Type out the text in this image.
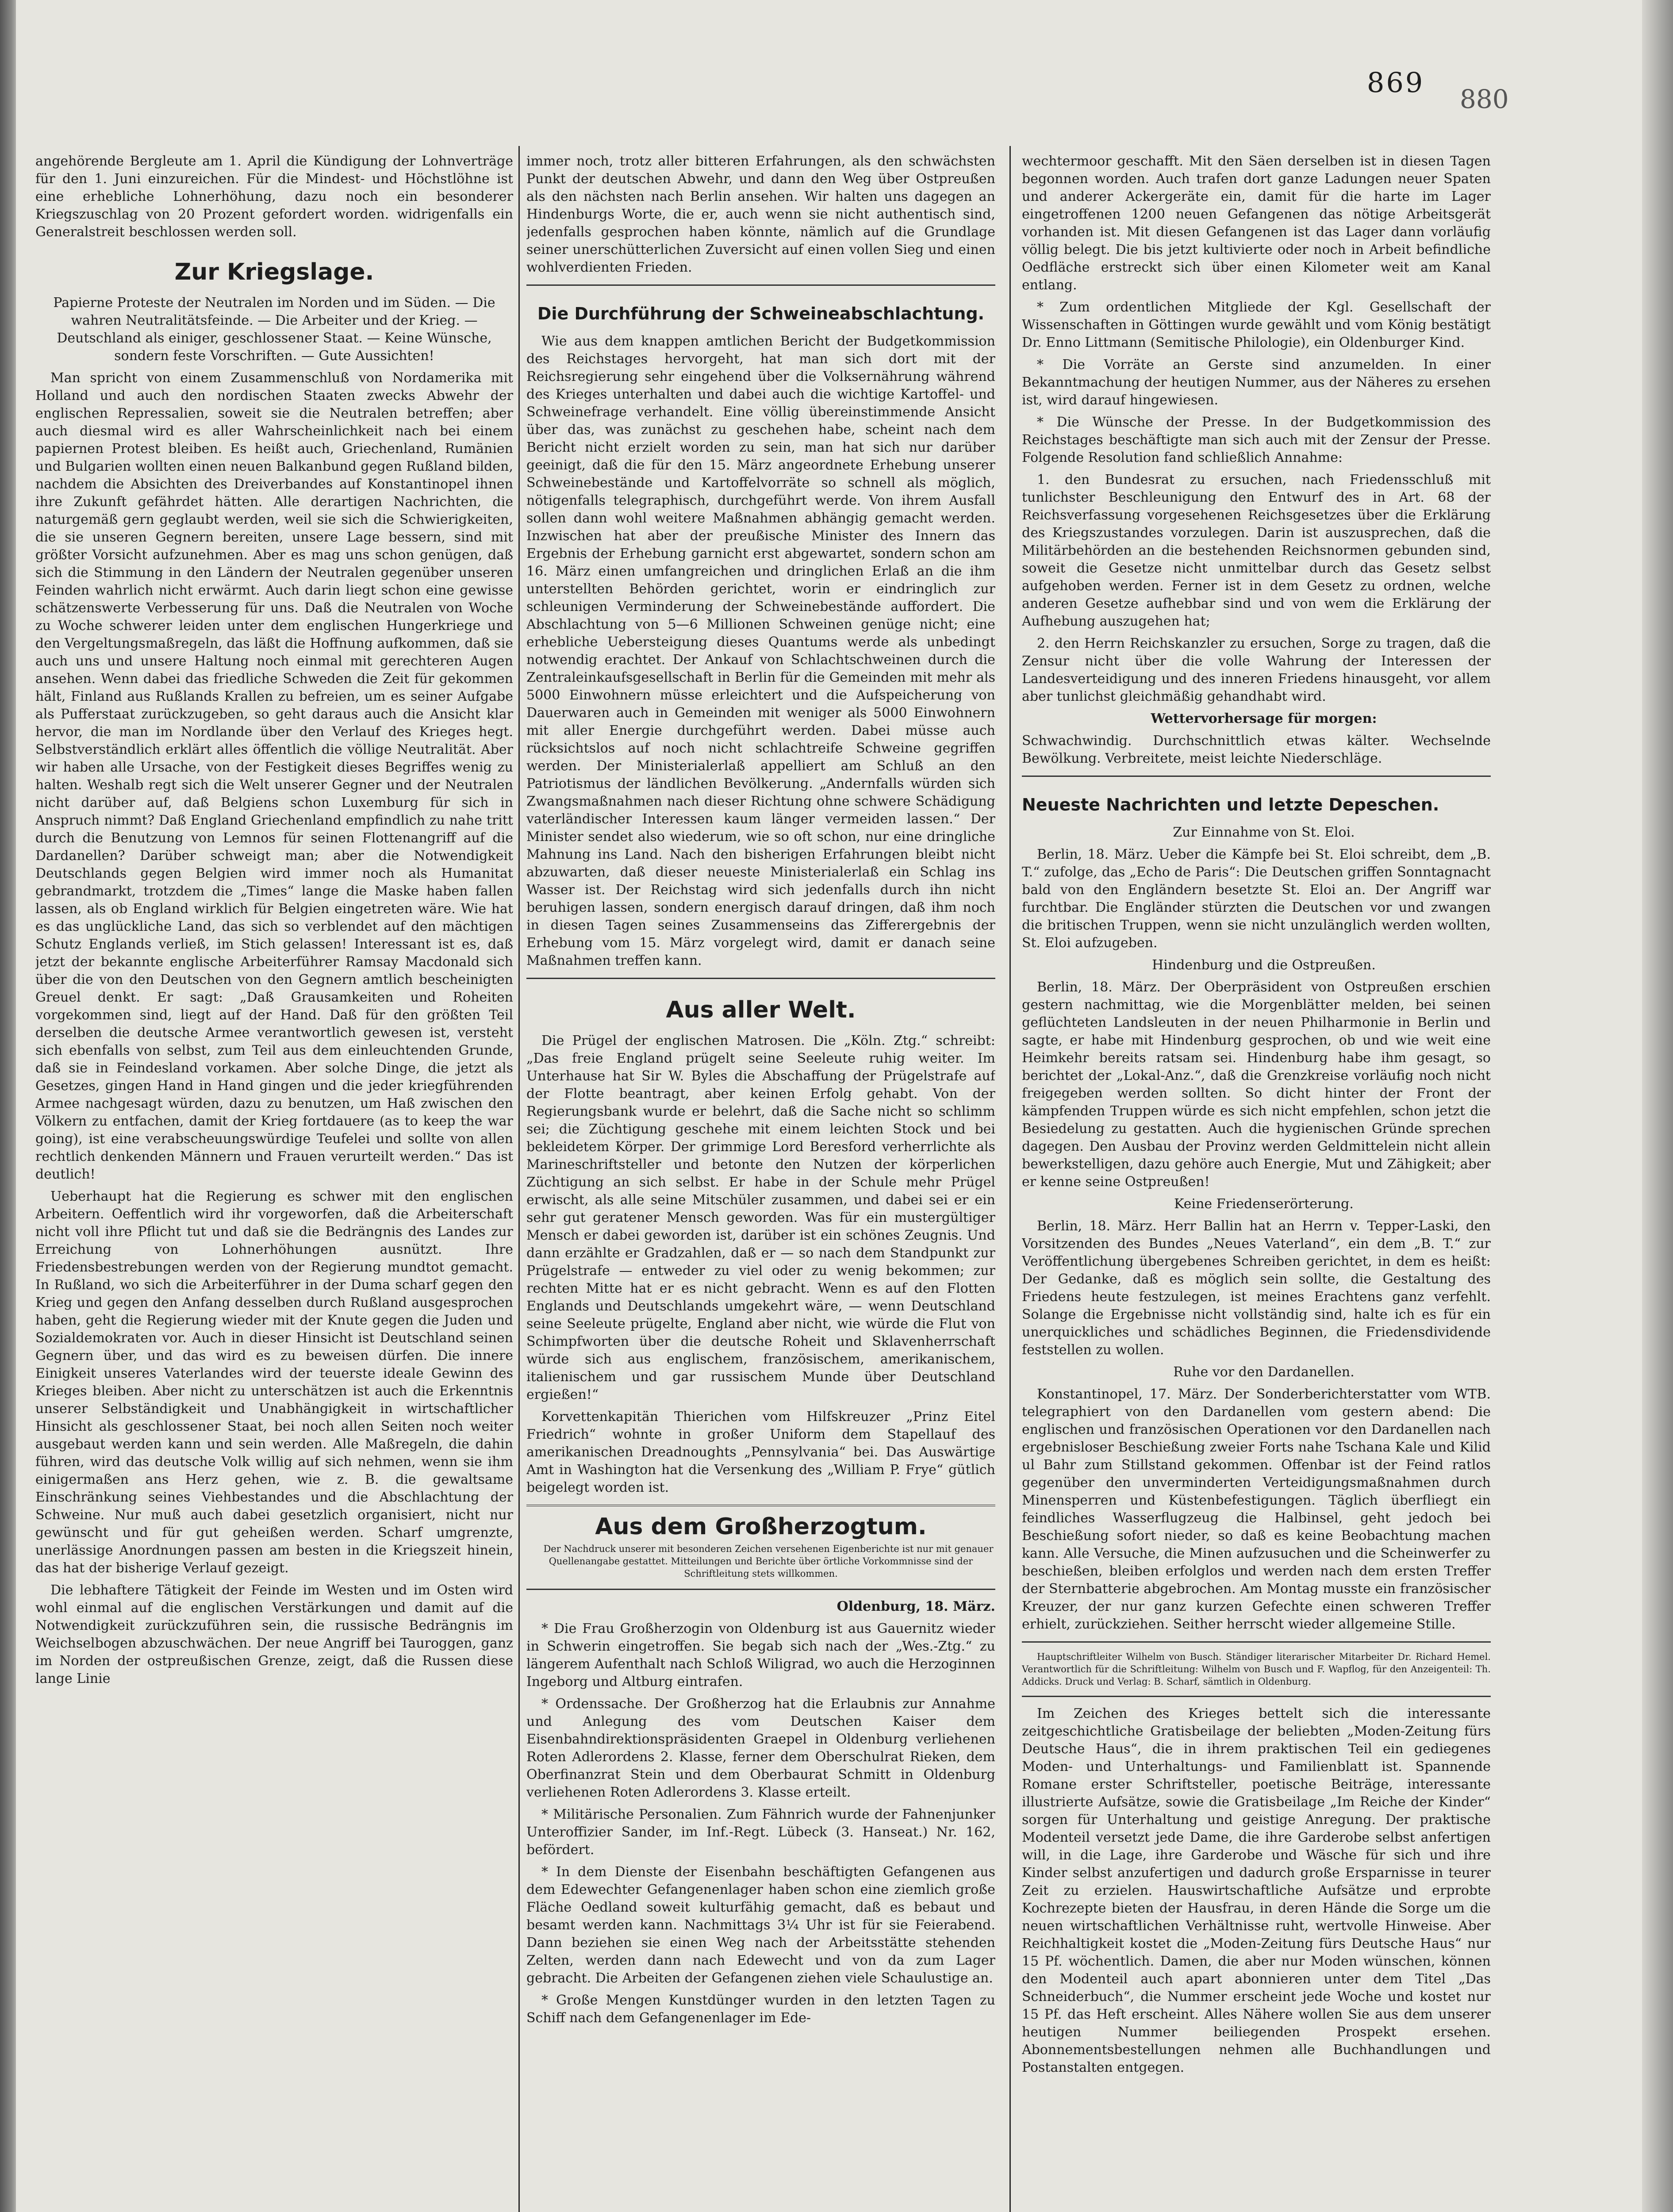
869
880

angehörende Bergleute am 1. April die Kündigung der Lohnverträge für den 1. Juni einzureichen. Für die Mindest- und Höchstlöhne ist eine erhebliche Lohnerhöhung, dazu noch ein besonderer Kriegszuschlag von 20 Prozent gefordert worden. widrigenfalls ein Generalstreit beschlossen werden soll.

Zur Kriegslage.

Papierne Proteste der Neutralen im Norden und im Süden. — Die wahren Neutralitätsfeinde. — Die Arbeiter und der Krieg. — Deutschland als einiger, geschlossener Staat. — Keine Wünsche, sondern feste Vorschriften. — Gute Aussichten!

Man spricht von einem Zusammenschluß von Nordamerika mit Holland und auch den nordischen Staaten zwecks Abwehr der englischen Repressalien, soweit sie die Neutralen betreffen; aber auch diesmal wird es aller Wahrscheinlichkeit nach bei einem papiernen Protest bleiben. Es heißt auch, Griechenland, Rumänien und Bulgarien wollten einen neuen Balkanbund gegen Rußland bilden, nachdem die Absichten des Dreiverbandes auf Konstantinopel ihnen ihre Zukunft gefährdet hätten. Alle derartigen Nachrichten, die naturgemäß gern geglaubt werden, weil sie sich die Schwierigkeiten, die sie unseren Gegnern bereiten, unsere Lage bessern, sind mit größter Vorsicht aufzunehmen. Aber es mag uns schon genügen, daß sich die Stimmung in den Ländern der Neutralen gegenüber unseren Feinden wahrlich nicht erwärmt. Auch darin liegt schon eine gewisse schätzenswerte Verbesserung für uns. Daß die Neutralen von Woche zu Woche schwerer leiden unter dem englischen Hungerkriege und den Vergeltungsmaßregeln, das läßt die Hoffnung aufkommen, daß sie auch uns und unsere Haltung noch einmal mit gerechteren Augen ansehen. Wenn dabei das friedliche Schweden die Zeit für gekommen hält, Finland aus Rußlands Krallen zu befreien, um es seiner Aufgabe als Pufferstaat zurückzugeben, so geht daraus auch die Ansicht klar hervor, die man im Nordlande über den Verlauf des Krieges hegt. Selbstverständlich erklärt alles öffentlich die völlige Neutralität. Aber wir haben alle Ursache, von der Festigkeit dieses Begriffes wenig zu halten. Weshalb regt sich die Welt unserer Gegner und der Neutralen nicht darüber auf, daß Belgiens schon Luxemburg für sich in Anspruch nimmt? Daß England Griechenland empfindlich zu nahe tritt durch die Benutzung von Lemnos für seinen Flottenangriff auf die Dardanellen? Darüber schweigt man; aber die Notwendigkeit Deutschlands gegen Belgien wird immer noch als Humanitat gebrandmarkt, trotzdem die „Times“ lange die Maske haben fallen lassen, als ob England wirklich für Belgien eingetreten wäre. Wie hat es das unglückliche Land, das sich so verblendet auf den mächtigen Schutz Englands verließ, im Stich gelassen! Interessant ist es, daß jetzt der bekannte englische Arbeiterführer Ramsay Macdonald sich über die von den Deutschen von den Gegnern amtlich bescheinigten Greuel denkt. Er sagt: „Daß Grausamkeiten und Roheiten vorgekommen sind, liegt auf der Hand. Daß für den größten Teil derselben die deutsche Armee verantwortlich gewesen ist, versteht sich ebenfalls von selbst, zum Teil aus dem einleuchtenden Grunde, daß sie in Feindesland vorkamen. Aber solche Dinge, die jetzt als Gesetzes, gingen Hand in Hand gingen und die jeder kriegführenden Armee nachgesagt würden, dazu zu benutzen, um Haß zwischen den Völkern zu entfachen, damit der Krieg fortdauere (as to keep the war going), ist eine verabscheuungswürdige Teufelei und sollte von allen rechtlich denkenden Männern und Frauen verurteilt werden.“ Das ist deutlich!

Ueberhaupt hat die Regierung es schwer mit den englischen Arbeitern. Oeffentlich wird ihr vorgeworfen, daß die Arbeiterschaft nicht voll ihre Pflicht tut und daß sie die Bedrängnis des Landes zur Erreichung von Lohnerhöhungen ausnützt. Ihre Friedensbestrebungen werden von der Regierung mundtot gemacht. In Rußland, wo sich die Arbeiterführer in der Duma scharf gegen den Krieg und gegen den Anfang desselben durch Rußland ausgesprochen haben, geht die Regierung wieder mit der Knute gegen die Juden und Sozialdemokraten vor. Auch in dieser Hinsicht ist Deutschland seinen Gegnern über, und das wird es zu beweisen dürfen. Die innere Einigkeit unseres Vaterlandes wird der teuerste ideale Gewinn des Krieges bleiben. Aber nicht zu unterschätzen ist auch die Erkenntnis unserer Selbständigkeit und Unabhängigkeit in wirtschaftlicher Hinsicht als geschlossener Staat, bei noch allen Seiten noch weiter ausgebaut werden kann und sein werden. Alle Maßregeln, die dahin führen, wird das deutsche Volk willig auf sich nehmen, wenn sie ihm einigermaßen ans Herz gehen, wie z. B. die gewaltsame Einschränkung seines Viehbestandes und die Abschlachtung der Schweine. Nur muß auch dabei gesetzlich organisiert, nicht nur gewünscht und für gut geheißen werden. Scharf umgrenzte, unerlässige Anordnungen passen am besten in die Kriegszeit hinein, das hat der bisherige Verlauf gezeigt.

Die lebhaftere Tätigkeit der Feinde im Westen und im Osten wird wohl einmal auf die englischen Verstärkungen und damit auf die Notwendigkeit zurückzuführen sein, die russische Bedrängnis im Weichselbogen abzuschwächen. Der neue Angriff bei Tauroggen, ganz im Norden der ostpreußischen Grenze, zeigt, daß die Russen diese lange Linie

immer noch, trotz aller bitteren Erfahrungen, als den schwächsten Punkt der deutschen Abwehr, und dann den Weg über Ostpreußen als den nächsten nach Berlin ansehen. Wir halten uns dagegen an Hindenburgs Worte, die er, auch wenn sie nicht authentisch sind, jedenfalls gesprochen haben könnte, nämlich auf die Grundlage seiner unerschütterlichen Zuversicht auf einen vollen Sieg und einen wohlverdienten Frieden.

Die Durchführung der Schweineabschlachtung.

Wie aus dem knappen amtlichen Bericht der Budgetkommission des Reichstages hervorgeht, hat man sich dort mit der Reichsregierung sehr eingehend über die Volksernährung während des Krieges unterhalten und dabei auch die wichtige Kartoffel- und Schweinefrage verhandelt. Eine völlig übereinstimmende Ansicht über das, was zunächst zu geschehen habe, scheint nach dem Bericht nicht erzielt worden zu sein, man hat sich nur darüber geeinigt, daß die für den 15. März angeordnete Erhebung unserer Schweinebestände und Kartoffelvorräte so schnell als möglich, nötigenfalls telegraphisch, durchgeführt werde. Von ihrem Ausfall sollen dann wohl weitere Maßnahmen abhängig gemacht werden. Inzwischen hat aber der preußische Minister des Innern das Ergebnis der Erhebung garnicht erst abgewartet, sondern schon am 16. März einen umfangreichen und dringlichen Erlaß an die ihm unterstellten Behörden gerichtet, worin er eindringlich zur schleunigen Verminderung der Schweinebestände auffordert. Die Abschlachtung von 5—6 Millionen Schweinen genüge nicht; eine erhebliche Uebersteigung dieses Quantums werde als unbedingt notwendig erachtet. Der Ankauf von Schlachtschweinen durch die Zentraleinkaufsgesellschaft in Berlin für die Gemeinden mit mehr als 5000 Einwohnern müsse erleichtert und die Aufspeicherung von Dauerwaren auch in Gemeinden mit weniger als 5000 Einwohnern mit aller Energie durchgeführt werden. Dabei müsse auch rücksichtslos auf noch nicht schlachtreife Schweine gegriffen werden. Der Ministerialerlaß appelliert am Schluß an den Patriotismus der ländlichen Bevölkerung. „Andernfalls würden sich Zwangsmaßnahmen nach dieser Richtung ohne schwere Schädigung vaterländischer Interessen kaum länger vermeiden lassen.“ Der Minister sendet also wiederum, wie so oft schon, nur eine dringliche Mahnung ins Land. Nach den bisherigen Erfahrungen bleibt nicht abzuwarten, daß dieser neueste Ministerialerlaß ein Schlag ins Wasser ist. Der Reichstag wird sich jedenfalls durch ihn nicht beruhigen lassen, sondern energisch darauf dringen, daß ihm noch in diesen Tagen seines Zusammenseins das Zifferergebnis der Erhebung vom 15. März vorgelegt wird, damit er danach seine Maßnahmen treffen kann.

Aus aller Welt.

Die Prügel der englischen Matrosen. Die „Köln. Ztg.“ schreibt: „Das freie England prügelt seine Seeleute ruhig weiter. Im Unterhause hat Sir W. Byles die Abschaffung der Prügelstrafe auf der Flotte beantragt, aber keinen Erfolg gehabt. Von der Regierungsbank wurde er belehrt, daß die Sache nicht so schlimm sei; die Züchtigung geschehe mit einem leichten Stock und bei bekleidetem Körper. Der grimmige Lord Beresford verherrlichte als Marineschriftsteller und betonte den Nutzen der körperlichen Züchtigung an sich selbst. Er habe in der Schule mehr Prügel erwischt, als alle seine Mitschüler zusammen, und dabei sei er ein sehr gut geratener Mensch geworden. Was für ein mustergültiger Mensch er dabei geworden ist, darüber ist ein schönes Zeugnis. Und dann erzählte er Gradzahlen, daß er — so nach dem Standpunkt zur Prügelstrafe — entweder zu viel oder zu wenig bekommen; zur rechten Mitte hat er es nicht gebracht. Wenn es auf den Flotten Englands und Deutschlands umgekehrt wäre, — wenn Deutschland seine Seeleute prügelte, England aber nicht, wie würde die Flut von Schimpfworten über die deutsche Roheit und Sklavenherrschaft würde sich aus englischem, französischem, amerikanischem, italienischem und gar russischem Munde über Deutschland ergießen!“

Korvettenkapitän Thierichen vom Hilfskreuzer „Prinz Eitel Friedrich“ wohnte in großer Uniform dem Stapellauf des amerikanischen Dreadnoughts „Pennsylvania“ bei. Das Auswärtige Amt in Washington hat die Versenkung des „William P. Frye“ gütlich beigelegt worden ist.

Aus dem Großherzogtum.

Der Nachdruck unserer mit besonderen Zeichen versehenen Eigenberichte ist nur mit genauer Quellenangabe gestattet. Mitteilungen und Berichte über örtliche Vorkommnisse sind der Schriftleitung stets willkommen.

Oldenburg, 18. März.

* Die Frau Großherzogin von Oldenburg ist aus Gauernitz wieder in Schwerin eingetroffen. Sie begab sich nach der „Wes.-Ztg.“ zu längerem Aufenthalt nach Schloß Wiligrad, wo auch die Herzoginnen Ingeborg und Altburg eintrafen.

* Ordenssache. Der Großherzog hat die Erlaubnis zur Annahme und Anlegung des vom Deutschen Kaiser dem Eisenbahndirektionspräsidenten Graepel in Oldenburg verliehenen Roten Adlerordens 2. Klasse, ferner dem Oberschulrat Rieken, dem Oberfinanzrat Stein und dem Oberbaurat Schmitt in Oldenburg verliehenen Roten Adlerordens 3. Klasse erteilt.

* Militärische Personalien. Zum Fähnrich wurde der Fahnenjunker Unteroffizier Sander, im Inf.-Regt. Lübeck (3. Hanseat.) Nr. 162, befördert.

* In dem Dienste der Eisenbahn beschäftigten Gefangenen aus dem Edewechter Gefangenenlager haben schon eine ziemlich große Fläche Oedland soweit kulturfähig gemacht, daß es bebaut und besamt werden kann. Nachmittags 3¼ Uhr ist für sie Feierabend. Dann beziehen sie einen Weg nach der Arbeitsstätte stehenden Zelten, werden dann nach Edewecht und von da zum Lager gebracht. Die Arbeiten der Gefangenen ziehen viele Schaulustige an.

* Große Mengen Kunstdünger wurden in den letzten Tagen zu Schiff nach dem Gefangenenlager im Ede-

wechtermoor geschafft. Mit den Säen derselben ist in diesen Tagen begonnen worden. Auch trafen dort ganze Ladungen neuer Spaten und anderer Ackergeräte ein, damit für die harte im Lager eingetroffenen 1200 neuen Gefangenen das nötige Arbeitsgerät vorhanden ist. Mit diesen Gefangenen ist das Lager dann vorläufig völlig belegt. Die bis jetzt kultivierte oder noch in Arbeit befindliche Oedfläche erstreckt sich über einen Kilometer weit am Kanal entlang.

* Zum ordentlichen Mitgliede der Kgl. Gesellschaft der Wissenschaften in Göttingen wurde gewählt und vom König bestätigt Dr. Enno Littmann (Semitische Philologie), ein Oldenburger Kind.

* Die Vorräte an Gerste sind anzumelden. In einer Bekanntmachung der heutigen Nummer, aus der Näheres zu ersehen ist, wird darauf hingewiesen.

* Die Wünsche der Presse. In der Budgetkommission des Reichstages beschäftigte man sich auch mit der Zensur der Presse. Folgende Resolution fand schließlich Annahme:

1. den Bundesrat zu ersuchen, nach Friedensschluß mit tunlichster Beschleunigung den Entwurf des in Art. 68 der Reichsverfassung vorgesehenen Reichsgesetzes über die Erklärung des Kriegszustandes vorzulegen. Darin ist auszusprechen, daß die Militärbehörden an die bestehenden Reichsnormen gebunden sind, soweit die Gesetze nicht unmittelbar durch das Gesetz selbst aufgehoben werden. Ferner ist in dem Gesetz zu ordnen, welche anderen Gesetze aufhebbar sind und von wem die Erklärung der Aufhebung auszugehen hat;

2. den Herrn Reichskanzler zu ersuchen, Sorge zu tragen, daß die Zensur nicht über die volle Wahrung der Interessen der Landesverteidigung und des inneren Friedens hinausgeht, vor allem aber tunlichst gleichmäßig gehandhabt wird.

Wettervorhersage für morgen:

Schwachwindig. Durchschnittlich etwas kälter. Wechselnde Bewölkung. Verbreitete, meist leichte Niederschläge.

Neueste Nachrichten und letzte Depeschen.

Zur Einnahme von St. Eloi.

Berlin, 18. März. Ueber die Kämpfe bei St. Eloi schreibt, dem „B. T.“ zufolge, das „Echo de Paris“: Die Deutschen griffen Sonntagnacht bald von den Engländern besetzte St. Eloi an. Der Angriff war furchtbar. Die Engländer stürzten die Deutschen vor und zwangen die britischen Truppen, wenn sie nicht unzulänglich werden wollten, St. Eloi aufzugeben.

Hindenburg und die Ostpreußen.

Berlin, 18. März. Der Oberpräsident von Ostpreußen erschien gestern nachmittag, wie die Morgenblätter melden, bei seinen geflüchteten Landsleuten in der neuen Philharmonie in Berlin und sagte, er habe mit Hindenburg gesprochen, ob und wie weit eine Heimkehr bereits ratsam sei. Hindenburg habe ihm gesagt, so berichtet der „Lokal-Anz.“, daß die Grenzkreise vorläufig noch nicht freigegeben werden sollten. So dicht hinter der Front der kämpfenden Truppen würde es sich nicht empfehlen, schon jetzt die Besiedelung zu gestatten. Auch die hygienischen Gründe sprechen dagegen. Den Ausbau der Provinz werden Geldmittelein nicht allein bewerkstelligen, dazu gehöre auch Energie, Mut und Zähigkeit; aber er kenne seine Ostpreußen!

Keine Friedenserörterung.

Berlin, 18. März. Herr Ballin hat an Herrn v. Tepper-Laski, den Vorsitzenden des Bundes „Neues Vaterland“, ein dem „B. T.“ zur Veröffentlichung übergebenes Schreiben gerichtet, in dem es heißt: Der Gedanke, daß es möglich sein sollte, die Gestaltung des Friedens heute festzulegen, ist meines Erachtens ganz verfehlt. Solange die Ergebnisse nicht vollständig sind, halte ich es für ein unerquickliches und schädliches Beginnen, die Friedensdividende feststellen zu wollen.

Ruhe vor den Dardanellen.

Konstantinopel, 17. März. Der Sonderberichterstatter vom WTB. telegraphiert von den Dardanellen vom gestern abend: Die englischen und französischen Operationen vor den Dardanellen nach ergebnisloser Beschießung zweier Forts nahe Tschana Kale und Kilid ul Bahr zum Stillstand gekommen. Offenbar ist der Feind ratlos gegenüber den unverminderten Verteidigungsmaßnahmen durch Minensperren und Küstenbefestigungen. Täglich überfliegt ein feindliches Wasserflugzeug die Halbinsel, geht jedoch bei Beschießung sofort nieder, so daß es keine Beobachtung machen kann. Alle Versuche, die Minen aufzusuchen und die Scheinwerfer zu beschießen, bleiben erfolglos und werden nach dem ersten Treffer der Sternbatterie abgebrochen. Am Montag musste ein französischer Kreuzer, der nur ganz kurzen Gefechte einen schweren Treffer erhielt, zurückziehen. Seither herrscht wieder allgemeine Stille.

Hauptschriftleiter Wilhelm von Busch. Ständiger literarischer Mitarbeiter Dr. Richard Hemel. Verantwortlich für die Schriftleitung: Wilhelm von Busch und F. Wapflog, für den Anzeigenteil: Th. Addicks. Druck und Verlag: B. Scharf, sämtlich in Oldenburg.

Im Zeichen des Krieges bettelt sich die interessante zeitgeschichtliche Gratisbeilage der beliebten „Moden-Zeitung fürs Deutsche Haus“, die in ihrem praktischen Teil ein gediegenes Moden- und Unterhaltungs- und Familienblatt ist. Spannende Romane erster Schriftsteller, poetische Beiträge, interessante illustrierte Aufsätze, sowie die Gratisbeilage „Im Reiche der Kinder“ sorgen für Unterhaltung und geistige Anregung. Der praktische Modenteil versetzt jede Dame, die ihre Garderobe selbst anfertigen will, in die Lage, ihre Garderobe und Wäsche für sich und ihre Kinder selbst anzufertigen und dadurch große Ersparnisse in teurer Zeit zu erzielen. Hauswirtschaftliche Aufsätze und erprobte Kochrezepte bieten der Hausfrau, in deren Hände die Sorge um die neuen wirtschaftlichen Verhältnisse ruht, wertvolle Hinweise. Aber Reichhaltigkeit kostet die „Moden-Zeitung fürs Deutsche Haus“ nur 15 Pf. wöchentlich. Damen, die aber nur Moden wünschen, können den Modenteil auch apart abonnieren unter dem Titel „Das Schneiderbuch“, die Nummer erscheint jede Woche und kostet nur 15 Pf. das Heft erscheint. Alles Nähere wollen Sie aus dem unserer heutigen Nummer beiliegenden Prospekt ersehen. Abonnementsbestellungen nehmen alle Buchhandlungen und Postanstalten entgegen.
